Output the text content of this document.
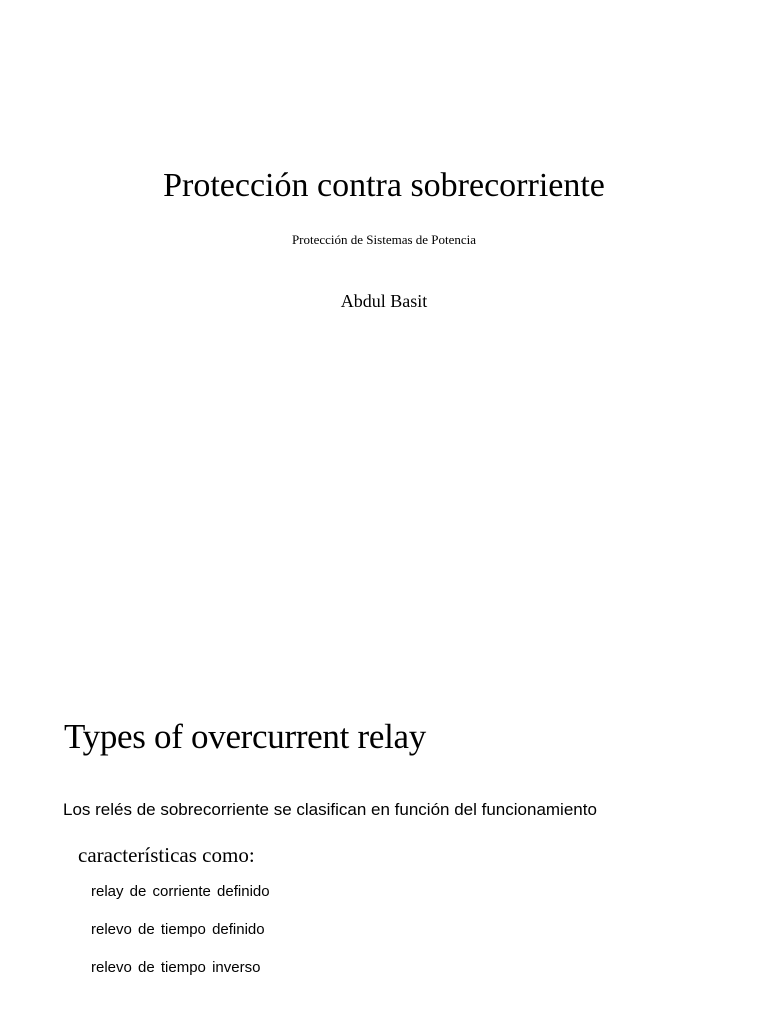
Protección contra sobrecorriente

Protección de Sistemas de Potencia

Abdul Basit

Types of overcurrent relay

Los relés de sobrecorriente se clasifican en función del funcionamiento

características como:

relay de corriente definido
relevo de tiempo definido
relevo de tiempo inverso
